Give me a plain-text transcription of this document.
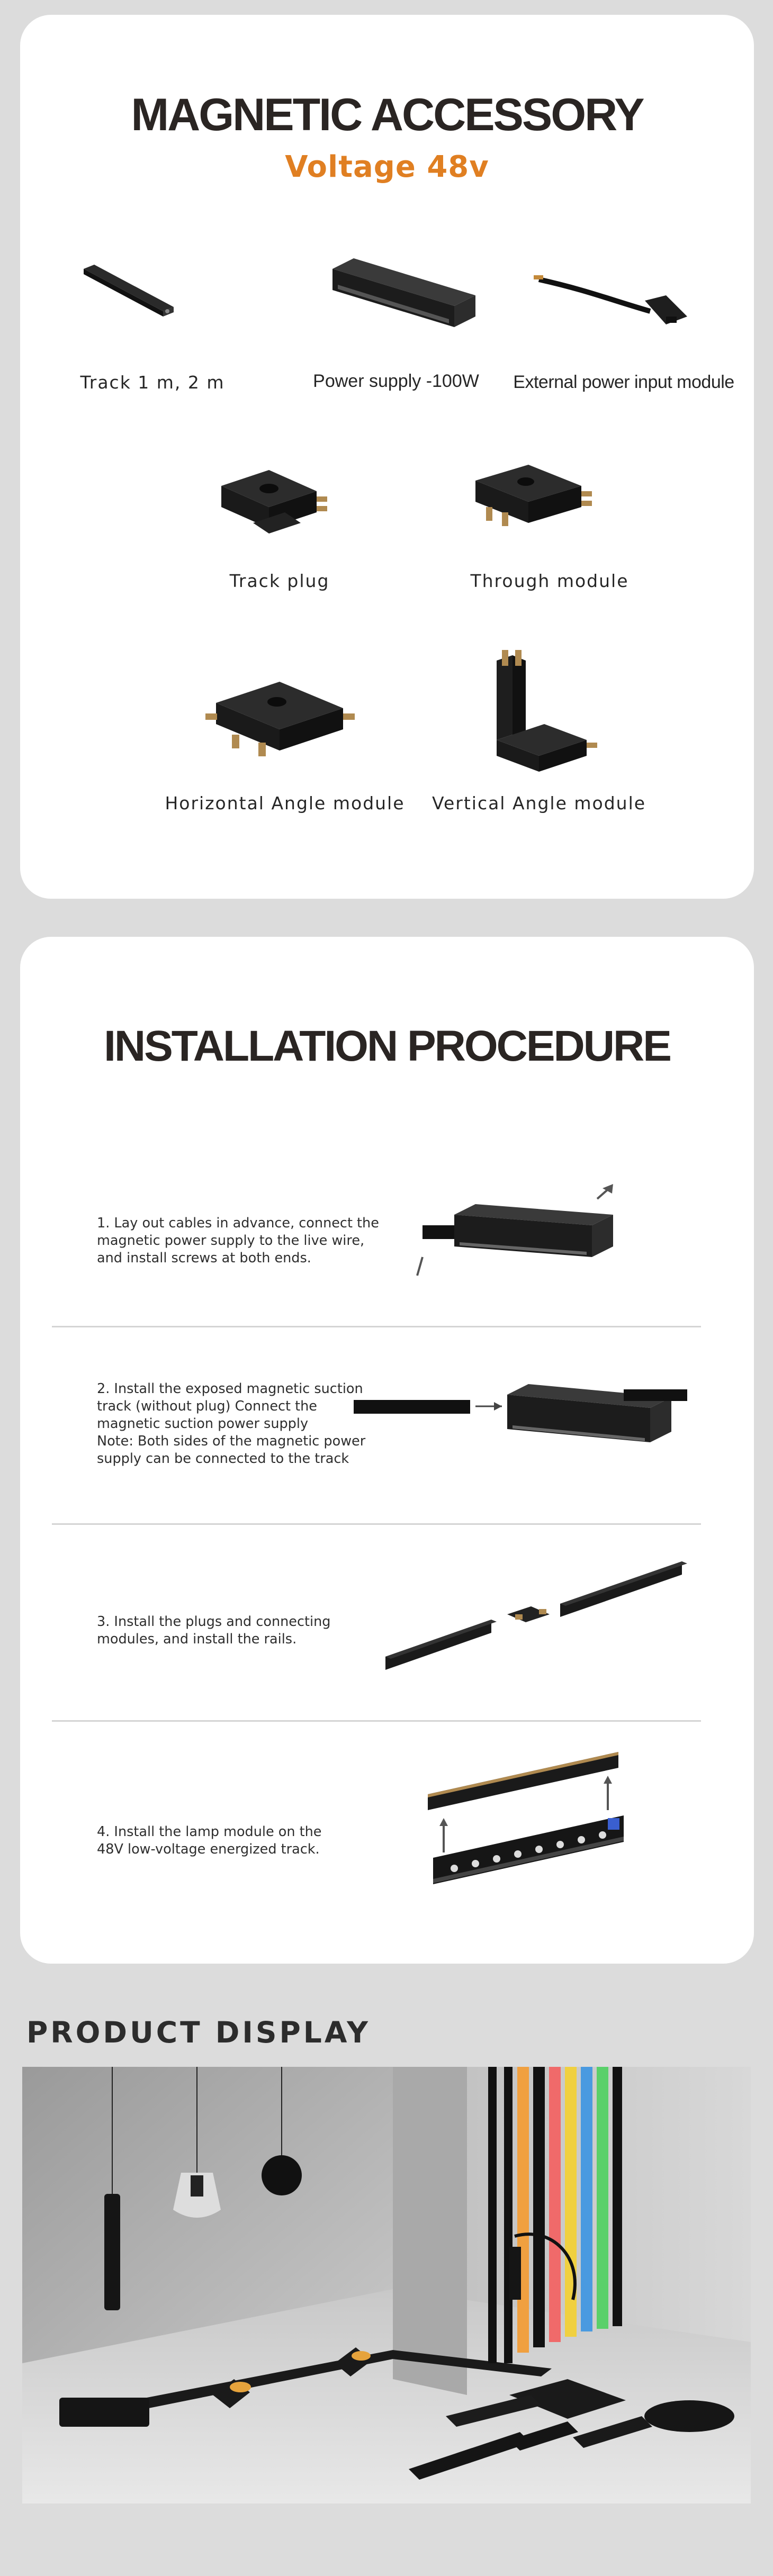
MAGNETIC ACCESSORY
Voltage 48v
Track 1 m, 2 m	Power supply -100W	External power input module
Track plug	Through module
Horizontal Angle module	Vertical Angle module
INSTALLATION PROCEDURE
1. Lay out cables in advance, connect the
magnetic power supply to the live wire,
and install screws at both ends.
2. Install the exposed magnetic suction
track (without plug) Connect the
magnetic suction power supply
Note: Both sides of the magnetic power
supply can be connected to the track
3. Install the plugs and connecting
modules, and install the rails.
4. Install the lamp module on the
48V low-voltage energized track.
PRODUCT DISPLAY
